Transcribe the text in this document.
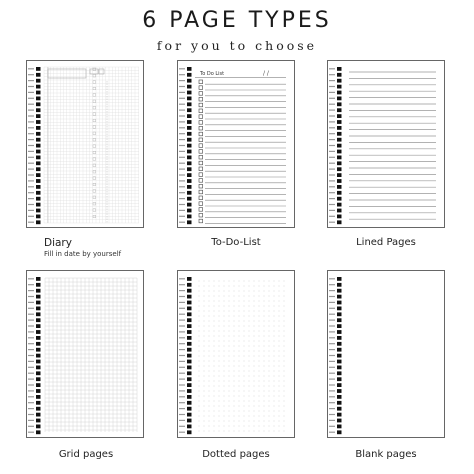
6 PAGE TYPES
for you to choose
To Do List	/ /
Diary
Fill in date by yourself
To-Do-List	Lined Pages
Grid pages	Dotted pages	Blank pages
